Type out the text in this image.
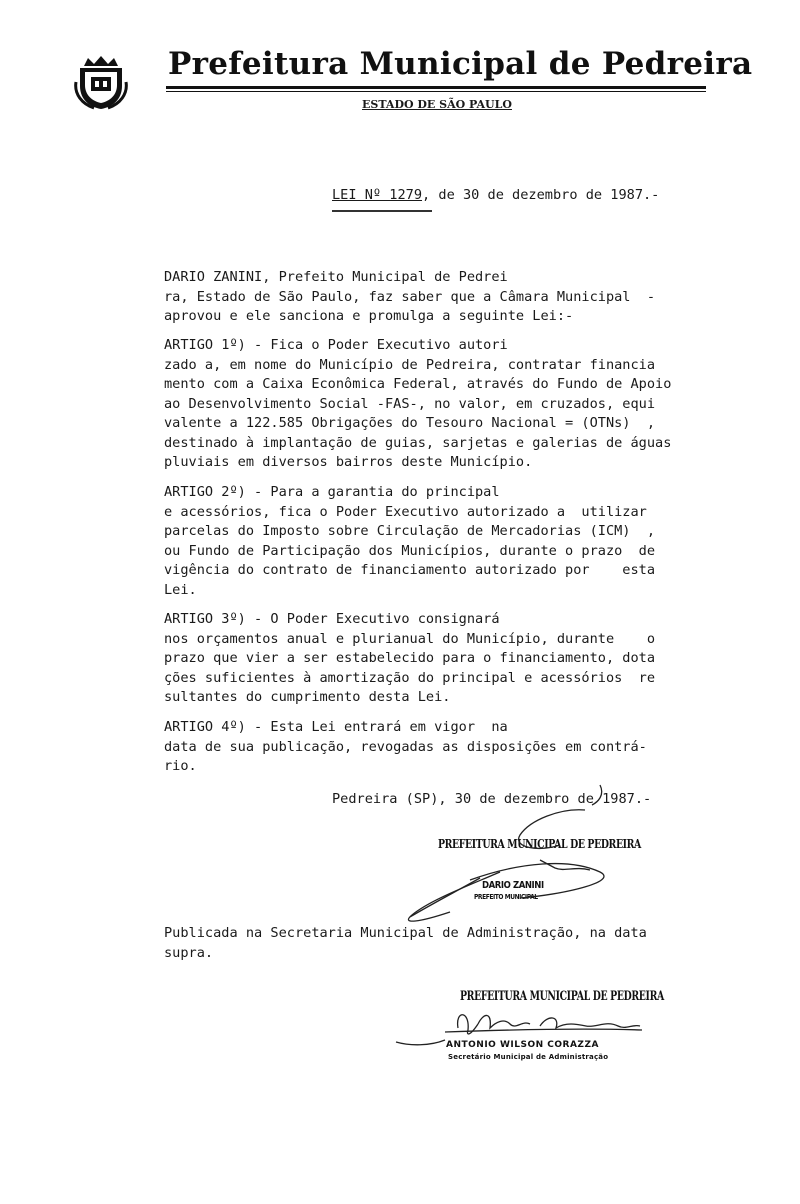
Prefeitura Municipal de Pedreira
ESTADO DE SÃO PAULO
LEI Nº 1279, de 30 de dezembro de 1987.-
DARIO ZANINI, Prefeito Municipal de Pedrei
ra, Estado de São Paulo, faz saber que a Câmara Municipal  -
aprovou e ele sanciona e promulga a seguinte Lei:-
ARTIGO 1º) - Fica o Poder Executivo autori
zado a, em nome do Município de Pedreira, contratar financia
mento com a Caixa Econômica Federal, através do Fundo de Apoio
ao Desenvolvimento Social -FAS-, no valor, em cruzados, equi
valente a 122.585 Obrigações do Tesouro Nacional = (OTNs)  ,
destinado à implantação de guias, sarjetas e galerias de águas
pluviais em diversos bairros deste Município.
ARTIGO 2º) - Para a garantia do principal
e acessórios, fica o Poder Executivo autorizado a  utilizar
parcelas do Imposto sobre Circulação de Mercadorias (ICM)  ,
ou Fundo de Participação dos Municípios, durante o prazo  de
vigência do contrato de financiamento autorizado por    esta
Lei.
ARTIGO 3º) - O Poder Executivo consignará
nos orçamentos anual e plurianual do Município, durante    o
prazo que vier a ser estabelecido para o financiamento, dota
ções suficientes à amortização do principal e acessórios  re
sultantes do cumprimento desta Lei.
ARTIGO 4º) - Esta Lei entrará em vigor  na
data de sua publicação, revogadas as disposições em contrá-
rio.
Pedreira (SP), 30 de dezembro de 1987.-
PREFEITURA MUNICIPAL DE PEDREIRA
DARIO ZANINI
PREFEITO MUNICIPAL
Publicada na Secretaria Municipal de Administração, na data
supra.
PREFEITURA MUNICIPAL DE PEDREIRA
ANTONIO WILSON CORAZZA
Secretário Municipal de Administração
